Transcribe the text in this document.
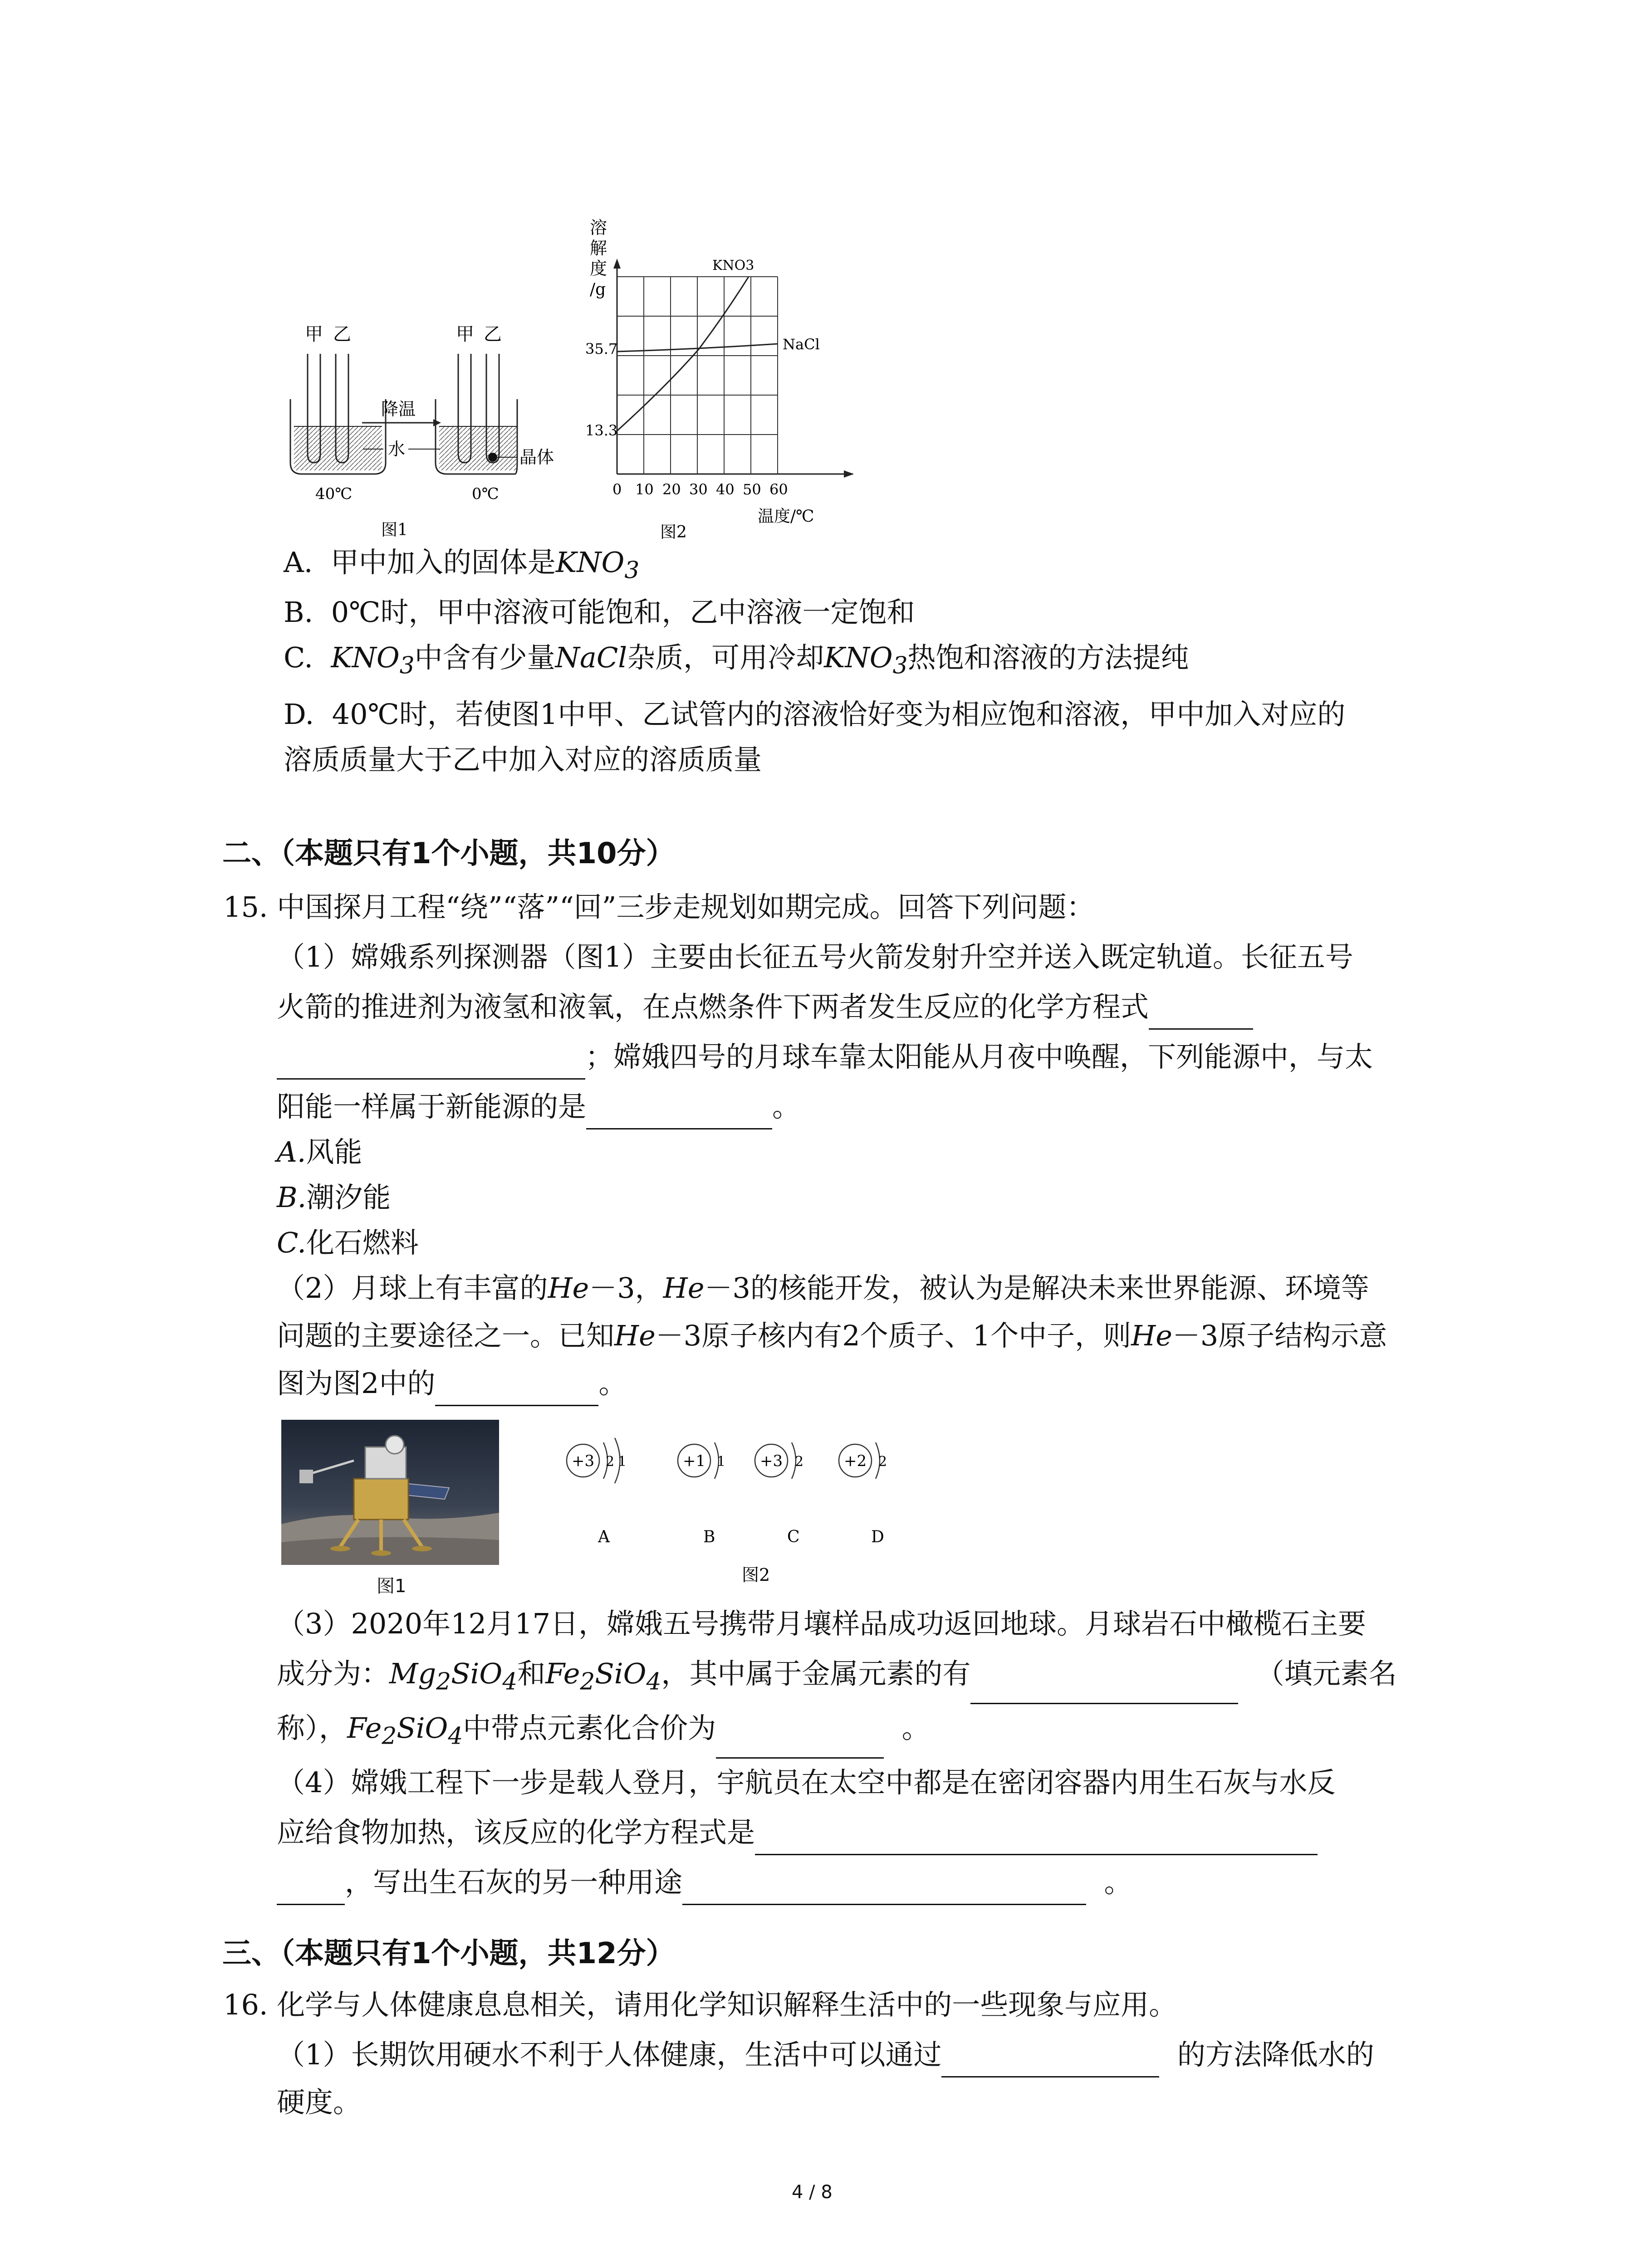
甲 乙	甲 乙
降温
水	晶体
40℃	0℃
图1
溶
解
度
/g
35.7
13.3
0 10 20 30 40 50 60
温度/℃
KNO3
NaCl
图2
A. 甲中加入的固体是$KNO_3$
B. 0℃时，甲中溶液可能饱和，乙中溶液一定饱和
C. $KNO_3$中含有少量NaCl杂质，可用冷却$KNO_3$热饱和溶液的方法提纯
D. 40℃时，若使图1中甲、乙试管内的溶液恰好变为相应饱和溶液，甲中加入对应的
溶质质量大于乙中加入对应的溶质质量
二、（本题只有1个小题，共10分）
15. 中国探月工程“绕”“落”“回”三步走规划如期完成。回答下列问题：
（1）嫦娥系列探测器（图1）主要由长征五号火箭发射升空并送入既定轨道。长征五号
火箭的推进剂为液氢和液氧，在点燃条件下两者发生反应的化学方程式
；嫦娥四号的月球车靠太阳能从月夜中唤醒，下列能源中，与太
阳能一样属于新能源的是	。
A.风能
B.潮汐能
C.化石燃料
（2）月球上有丰富的He－3，He－3的核能开发，被认为是解决未来世界能源、环境等
问题的主要途径之一。已知He－3原子核内有2个质子、1个中子，则He－3原子结构示意
图为图2中的	。
图1
+3 2 1
A
+1 1
B
+3 2
C
+2 2
D
图2
（3）2020年12月17日，嫦娥五号携带月壤样品成功返回地球。月球岩石中橄榄石主要
成分为：$Mg_2SiO_4$和$Fe_2SiO_4$，其中属于金属元素的有	（填元素名
称），$Fe_2SiO_4$中带点元素化合价为	。
（4）嫦娥工程下一步是载人登月，宇航员在太空中都是在密闭容器内用生石灰与水反
应给食物加热，该反应的化学方程式是
，写出生石灰的另一种用途	。
三、（本题只有1个小题，共12分）
16. 化学与人体健康息息相关，请用化学知识解释生活中的一些现象与应用。
（1）长期饮用硬水不利于人体健康，生活中可以通过	的方法降低水的
硬度。
4 / 8
